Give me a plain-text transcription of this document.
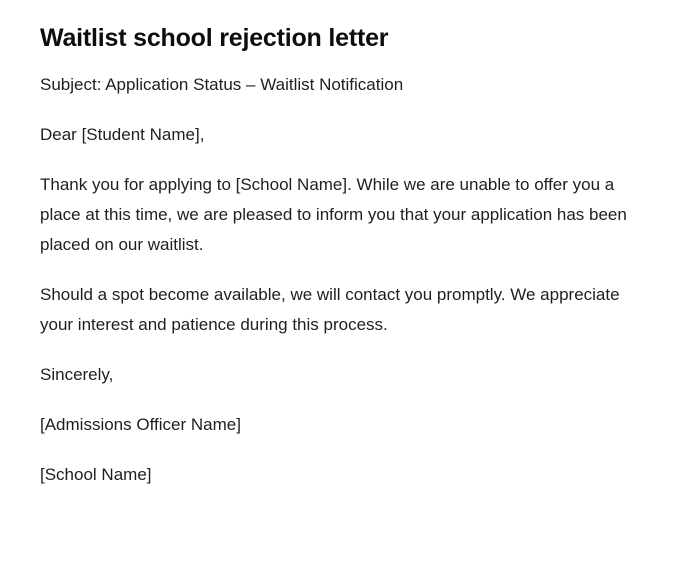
Waitlist school rejection letter

Subject: Application Status – Waitlist Notification

Dear [Student Name],

Thank you for applying to [School Name]. While we are unable to offer you a place at this time, we are pleased to inform you that your application has been placed on our waitlist.

Should a spot become available, we will contact you promptly. We appreciate your interest and patience during this process.

Sincerely,

[Admissions Officer Name]

[School Name]
